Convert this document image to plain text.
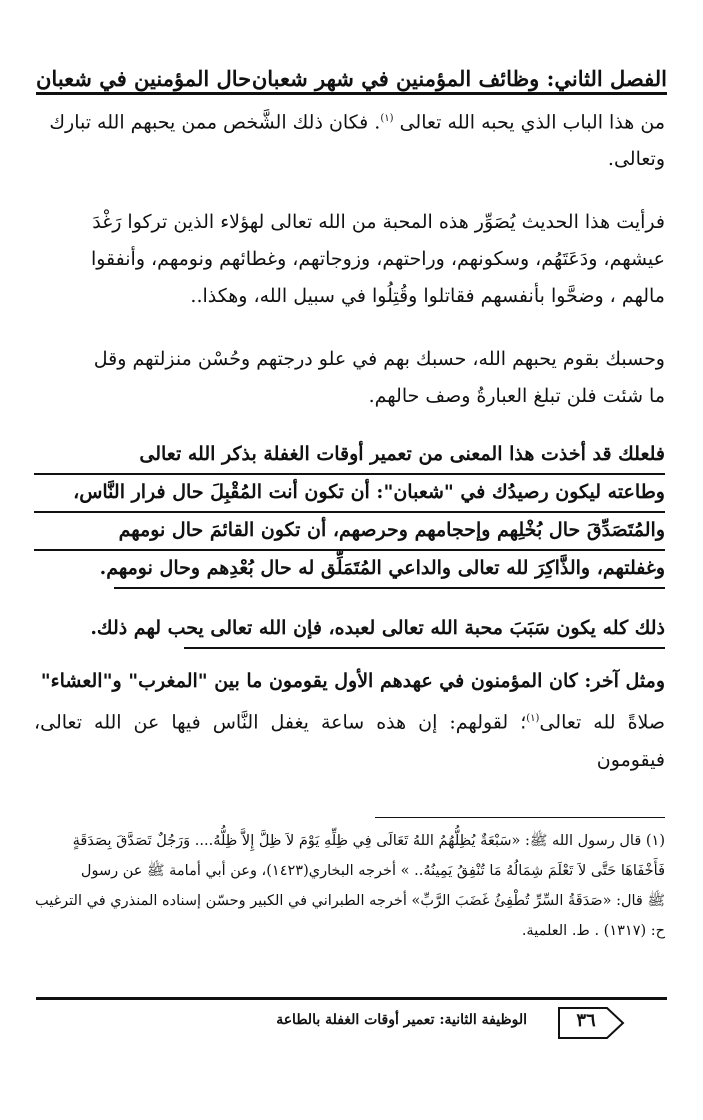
الفصل الثاني: وظائف المؤمنين في شهر شعبان
حال المؤمنين في شعبان

من هذا الباب الذي يحبه الله تعالى $^{(١)}$. فكان ذلك الشَّخص ممن يحبهم الله تبارك
وتعالى.

فرأيت هذا الحديث يُصَوِّر هذه المحبة من الله تعالى لهؤلاء الذين تركوا رَغْدَ
عيشهم، ودَعَتَهُم، وسكونهم، وراحتهم، وزوجاتهم، وغطائهم ونومهم، وأنفقوا
مالهم ، وضحَّوا بأنفسهم فقاتلوا وقُتِلُوا في سبيل الله، وهكذا..

وحسبك بقوم يحبهم الله، حسبك بهم في علو درجتهم وحُسْن منزلتهم وقل
ما شئت فلن تبلغ العبارةُ وصف حالهم.

فلعلك قد أخذت هذا المعنى من تعمير أوقات الغفلة بذكر الله تعالى
وطاعته ليكون رصيدُك في "شعبان": أن تكون أنت المُقْبِلَ حال فرار النَّاس،
والمُتَصَدِّقَ حال بُخْلِهم وإحجامهم وحرصهم، أن تكون القائمَ حال نومهم
وغفلتهم، والذَّاكِرَ لله تعالى والداعي المُتَمَلِّق له حال بُعْدِهم وحال نومهم.
ذلك كله يكون سَبَبَ محبة الله تعالى لعبده، فإن الله تعالى يحب لهم ذلك.

ومثل آخر: كان المؤمنون في عهدهم الأول يقومون ما بين "المغرب" و"العشاء"
صلاةً لله تعالى$^{(١)}$؛ لقولهم: إن هذه ساعة يغفل النَّاس فيها عن الله تعالى، فيقومون

(١) قال رسول الله ﷺ: «سَبْعَةٌ يُظِلُّهُمُ اللهُ تَعَالَى فِي ظِلِّهِ يَوْمَ لاَ ظِلَّ إِلاَّ ظِلُّهُ.... وَرَجُلٌ تَصَدَّقَ بِصَدَقَةٍ
فَأَخْفَاهَا حَتَّى لاَ تَعْلَمَ شِمَالُهُ مَا تُنْفِقُ يَمِينُهُ.. » أخرجه البخاري(١٤٢٣)، وعن أبي أمامة ﷺ عن رسول
ﷺ قال: «صَدَقَةُ السِّرِّ تُطْفِئُ غَضَبَ الرَّبِّ» أخرجه الطبراني في الكبير وحسّن إسناده المنذري في الترغيب
ح: (١٣١٧) . ط. العلمية.

الوظيفة الثانية: تعمير أوقات الغفلة بالطاعة	٣٦
